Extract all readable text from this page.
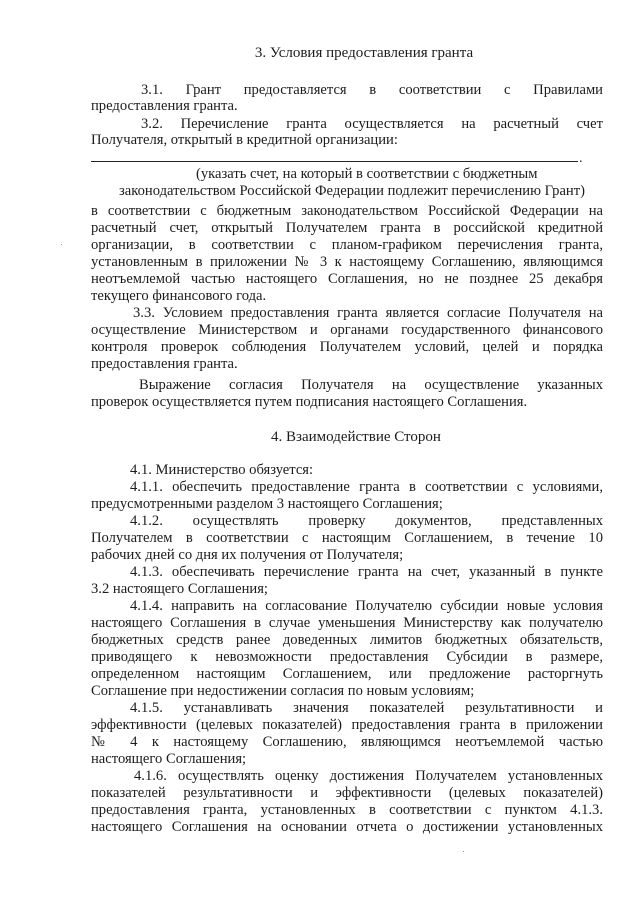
3. Условия предоставления гранта
3.1. Грант предоставляется в соответствии с Правилами
предоставления гранта.
3.2. Перечисление гранта осуществляется на расчетный счет
Получателя, открытый в кредитной организации:
.
(указать счет, на который в соответствии с бюджетным
законодательством Российской Федерации подлежит перечислению Грант)
в соответствии с бюджетным законодательством Российской Федерации на
расчетный счет, открытый Получателем гранта в российской кредитной
организации, в соответствии с планом-графиком перечисления гранта,
установленным в приложении № 3 к настоящему Соглашению, являющимся
неотъемлемой частью настоящего Соглашения, но не позднее 25 декабря
текущего финансового года.
3.3. Условием предоставления гранта является согласие Получателя на
осуществление Министерством и органами государственного финансового
контроля проверок соблюдения Получателем условий, целей и порядка
предоставления гранта.
Выражение согласия Получателя на осуществление указанных
проверок осуществляется путем подписания настоящего Соглашения.
4. Взаимодействие Сторон
4.1. Министерство обязуется:
4.1.1. обеспечить предоставление гранта в соответствии с условиями,
предусмотренными разделом 3 настоящего Соглашения;
4.1.2. осуществлять проверку документов, представленных
Получателем в соответствии с настоящим Соглашением, в течение 10
рабочих дней со дня их получения от Получателя;
4.1.3. обеспечивать перечисление гранта на счет, указанный в пункте
3.2 настоящего Соглашения;
4.1.4. направить на согласование Получателю субсидии новые условия
настоящего Соглашения в случае уменьшения Министерству как получателю
бюджетных средств ранее доведенных лимитов бюджетных обязательств,
приводящего к невозможности предоставления Субсидии в размере,
определенном настоящим Соглашением, или предложение расторгнуть
Соглашение при недостижении согласия по новым условиям;
4.1.5. устанавливать значения показателей результативности и
эффективности (целевых показателей) предоставления гранта в приложении
№ 4 к настоящему Соглашению, являющимся неотъемлемой частью
настоящего Соглашения;
4.1.6. осуществлять оценку достижения Получателем установленных
показателей результативности и эффективности (целевых показателей)
предоставления гранта, установленных в соответствии с пунктом 4.1.3.
настоящего Соглашения на основании отчета о достижении установленных
